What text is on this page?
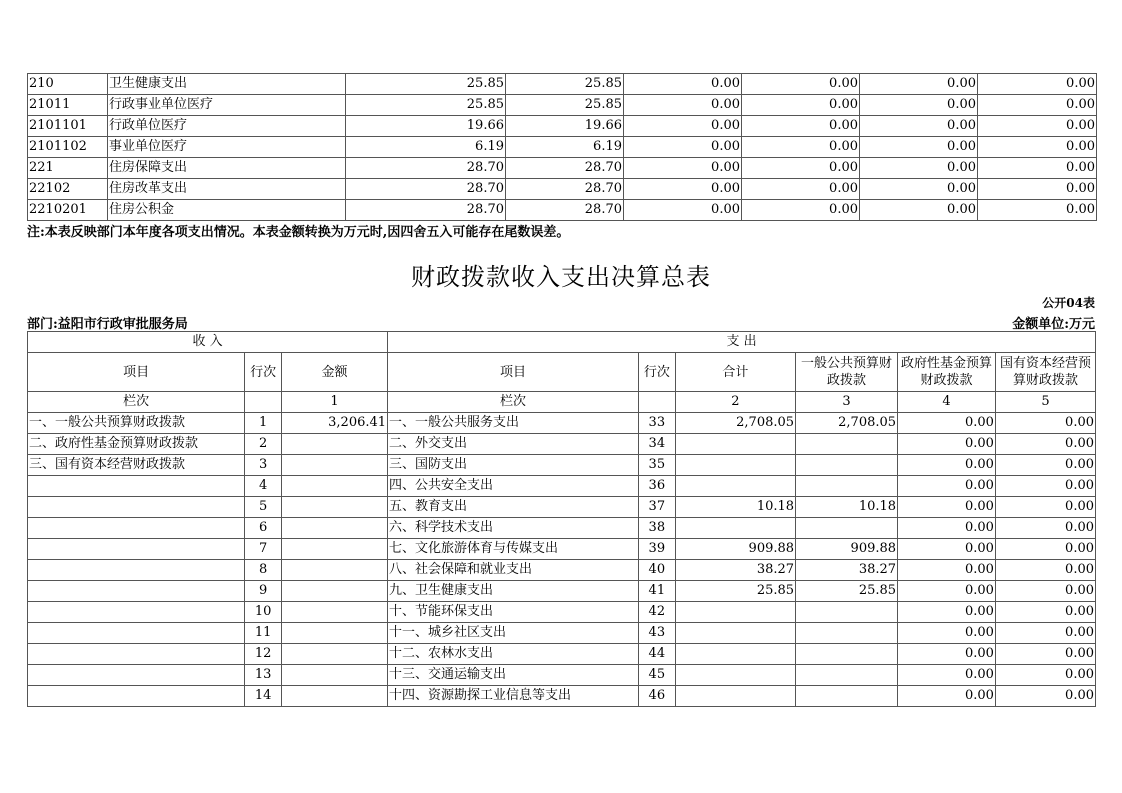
210	卫生健康支出	25.85	25.85	0.00	0.00	0.00	0.00
21011	行政事业单位医疗	25.85	25.85	0.00	0.00	0.00	0.00
2101101	行政单位医疗	19.66	19.66	0.00	0.00	0.00	0.00
2101102	事业单位医疗	6.19	6.19	0.00	0.00	0.00	0.00
221	住房保障支出	28.70	28.70	0.00	0.00	0.00	0.00
22102	住房改革支出	28.70	28.70	0.00	0.00	0.00	0.00
2210201	住房公积金	28.70	28.70	0.00	0.00	0.00	0.00
注:本表反映部门本年度各项支出情况。本表金额转换为万元时,因四舍五入可能存在尾数误差。
财政拨款收入支出决算总表
公开04表
部门:益阳市行政审批服务局	金额单位:万元
收 入			支 出					
项目	行次	金额	项目	行次	合计	一般公共预算财政拨款	政府性基金预算财政拨款	国有资本经营预算财政拨款
栏次		1	栏次		2	3	4	5
一、一般公共预算财政拨款	1	3,206.41	一、一般公共服务支出	33	2,708.05	2,708.05	0.00	0.00
二、政府性基金预算财政拨款	2		二、外交支出	34			0.00	0.00
三、国有资本经营财政拨款	3		三、国防支出	35			0.00	0.00
	4		四、公共安全支出	36			0.00	0.00
	5		五、教育支出	37	10.18	10.18	0.00	0.00
	6		六、科学技术支出	38			0.00	0.00
	7		七、文化旅游体育与传媒支出	39	909.88	909.88	0.00	0.00
	8		八、社会保障和就业支出	40	38.27	38.27	0.00	0.00
	9		九、卫生健康支出	41	25.85	25.85	0.00	0.00
	10		十、节能环保支出	42			0.00	0.00
	11		十一、城乡社区支出	43			0.00	0.00
	12		十二、农林水支出	44			0.00	0.00
	13		十三、交通运输支出	45			0.00	0.00
	14		十四、资源勘探工业信息等支出	46			0.00	0.00
